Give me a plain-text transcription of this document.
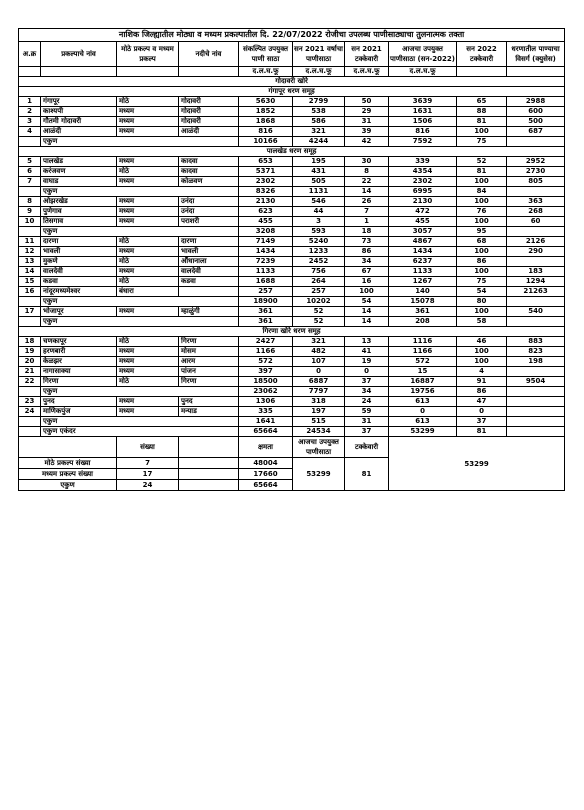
नाशिक जिल्ह्यातील मोठ्या व मध्यम प्रकल्पातील दि. 22/07/2022 रोजीचा उपलब्ध पाणीसाठ्याचा तुलनात्मक तक्ता									
अ.क्र	प्रकल्पाचे नांव	मोठे प्रकल्प व मध्यम प्रकल्प	नदीचे नांव	संकल्पित उपयुक्त पाणी साठा	सन 2021 वर्षाचा पाणीसाठा	सन 2021 टक्केवारी	आजचा उपयुक्त पाणीसाठा (सन-2022)	सन 2022 टक्केवारी	धरणातील पाण्याचा विसर्ग (क्युसेस)
				द.ल.घ.फू	द.ल.घ.फू	द.ल.घ.फू	द.ल.घ.फू		
गोदावरी खोरे									
गंगापूर धरण समूह									
1	गंगापूर	मोठे	गोदावरी	5630	2799	50	3639	65	2988
2	काश्यपी	मध्यम	गोदावरी	1852	538	29	1631	88	600
3	गौतमी गोदावरी	मध्यम	गोदावरी	1868	586	31	1506	81	500
4	आळंदी	मध्यम	आळंदी	816	321	39	816	100	687
	एकुण			10166	4244	42	7592	75	
पालखेड धरण समूह									
5	पालखेड	मध्यम	कादवा	653	195	30	339	52	2952
6	करंजवण	मोठे	कादवा	5371	431	8	4354	81	2730
7	वाघाड	मध्यम	कोळवण	2302	505	22	2302	100	805
	एकुण			8326	1131	14	6995	84	
8	ओझरखेड	मध्यम	उनंदा	2130	546	26	2130	100	363
9	पुणेगाव	मध्यम	उनंदा	623	44	7	472	76	268
10	तिसगाव	मध्यम	पराशरी	455	3	1	455	100	60
	एकुण			3208	593	18	3057	95	
11	दारणा	मोठे	दारणा	7149	5240	73	4867	68	2126
12	भावली	मध्यम	भावली	1434	1233	86	1434	100	290
13	मुकणे	मोठे	औंधानाला	7239	2452	34	6237	86	
14	वालदेवी	मध्यम	वालदेवी	1133	756	67	1133	100	183
15	कडवा	मोठे	कडवा	1688	264	16	1267	75	1294
16	नांदूरमध्यमेश्वर	बंधारा		257	257	100	140	54	21263
	एकुण			18900	10202	54	15078	80	
17	भोजापूर	मध्यम	म्हाळुंगी	361	52	14	361	100	540
	एकुण			361	52	14	208	58	
गिरणा खोरे धरण समूह									
18	चणकापूर	मोठे	गिरणा	2427	321	13	1116	46	883
19	हरणबारी	मध्यम	मोसम	1166	482	41	1166	100	823
20	केळझर	मध्यम	आरम	572	107	19	572	100	198
21	नागासाक्या	मध्यम	पांजन	397	0	0	15	4	
22	गिरणा	मोठे	गिरणा	18500	6887	37	16887	91	9504
	एकुण			23062	7797	34	19756	86	
23	पुनद	मध्यम	पुनद	1306	318	24	613	47	
24	माणिकपुंज	मध्यम	मन्याड	335	197	59	0	0	
	एकुण			1641	515	31	613	37	
	एकुण एकंदर			65664	24534	37	53299	81	
		संख्या		क्षमता	आजचा उपयुक्त पाणीसाठा	टक्केवारी	53299		
मोठे प्रकल्प संख्या		7		48004	53299	81			
मध्यम प्रकल्प संख्या		17		17660					
एकुण		24		65664					
